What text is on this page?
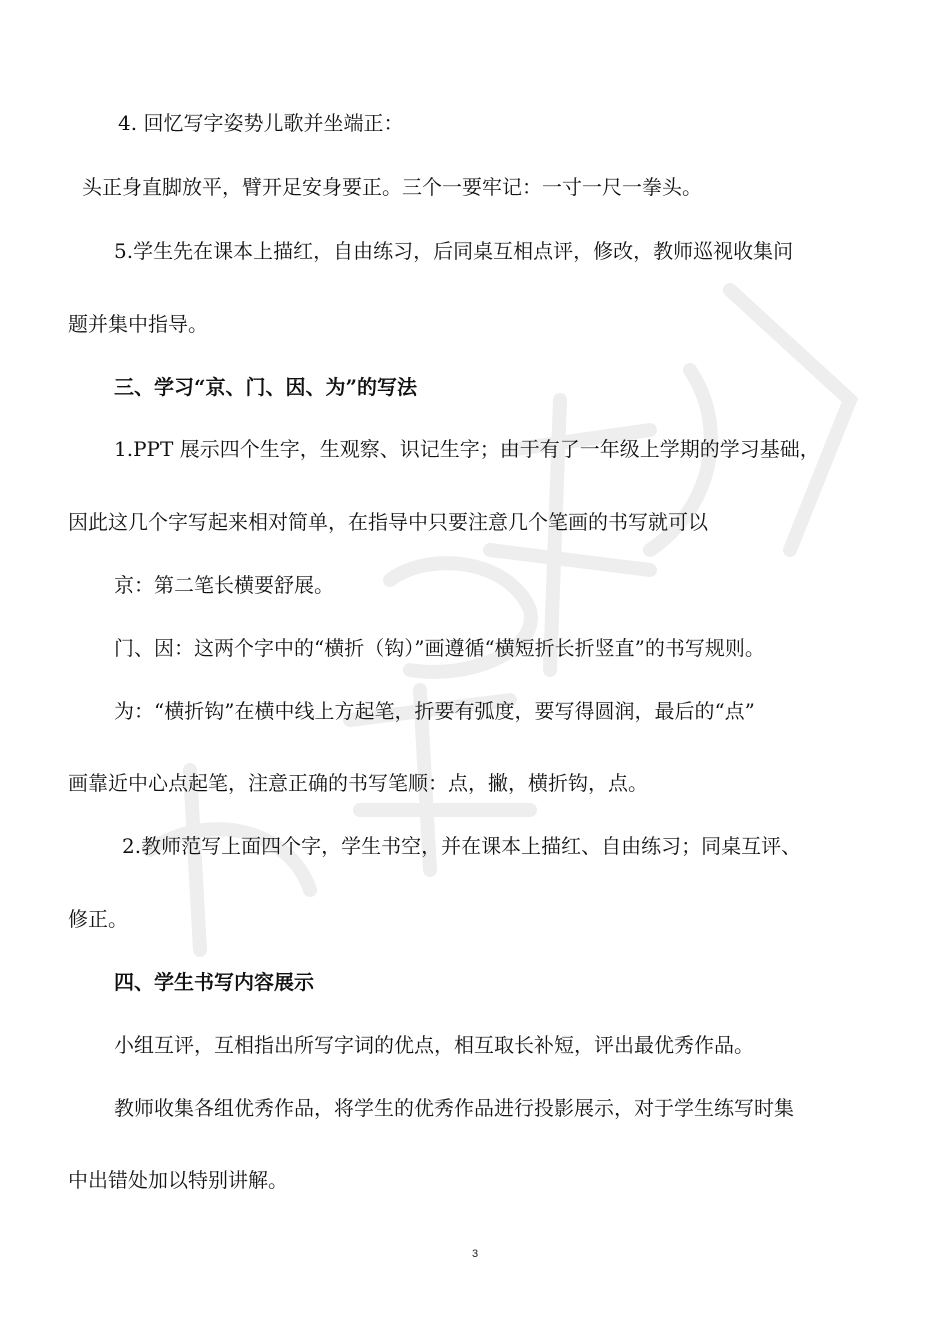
4. 回忆写字姿势儿歌并坐端正：
头正身直脚放平，臂开足安身要正。三个一要牢记：一寸一尺一拳头。
5.学生先在课本上描红，自由练习，后同桌互相点评，修改，教师巡视收集问
题并集中指导。
三、学习“京、门、因、为”的写法
1.PPT 展示四个生字，生观察、识记生字；由于有了一年级上学期的学习基础，
因此这几个字写起来相对简单，在指导中只要注意几个笔画的书写就可以
京：第二笔长横要舒展。
门、因：这两个字中的“横折（钩）”画遵循“横短折长折竖直”的书写规则。
为：“横折钩”在横中线上方起笔，折要有弧度，要写得圆润，最后的“点”
画靠近中心点起笔，注意正确的书写笔顺：点，撇，横折钩，点。
2.教师范写上面四个字，学生书空，并在课本上描红、自由练习；同桌互评、
修正。
四、学生书写内容展示
小组互评，互相指出所写字词的优点，相互取长补短，评出最优秀作品。
教师收集各组优秀作品，将学生的优秀作品进行投影展示，对于学生练写时集
中出错处加以特别讲解。
3
